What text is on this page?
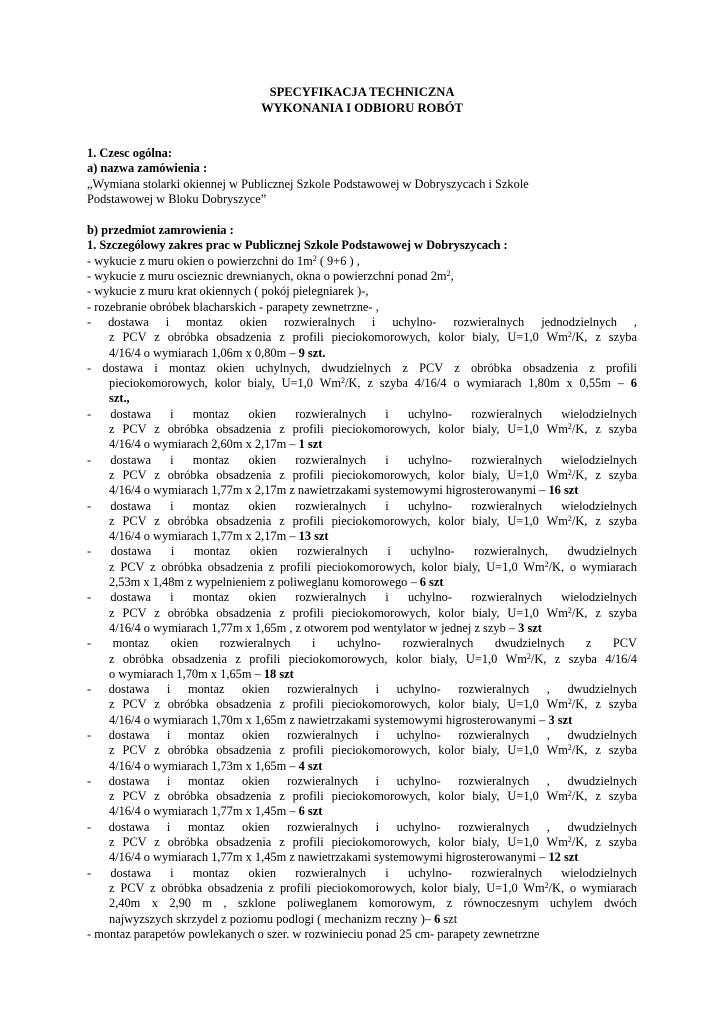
SPECYFIKACJA TECHNICZNA
WYKONANIA I ODBIORU ROBÓT
1. Czesc ogólna:
a) nazwa zamówienia :
„Wymiana stolarki okiennej w Publicznej Szkole Podstawowej w Dobryszycach i Szkole
Podstawowej w Bloku Dobryszyce”
b) przedmiot zamrowienia :
1. Szczególowy zakres prac w Publicznej Szkole Podstawowej w Dobryszycach :
- wykucie z muru okien o powierzchni do $1m^2$ ( 9+6 ) ,
- wykucie z muru oscieznic drewnianych, okna o powierzchni ponad $2m^2$,
- wykucie z muru krat okiennych ( pokój pielegniarek )-,
- rozebranie obróbek blacharskich - parapety zewnetrzne- ,
- dostawa i montaz okien rozwieralnych i uchylno- rozwieralnych jednodzielnych ,
z PCV z obróbka obsadzenia z profili pieciokomorowych, kolor bialy, U=1,0 Wm$^2$/K, z szyba
4/16/4 o wymiarach 1,06m x 0,80m – 9 szt.
- dostawa i montaz okien uchylnych, dwudzielnych z PCV z obróbka obsadzenia z profili
pieciokomorowych, kolor bialy, U=1,0 Wm$^2$/K, z szyba 4/16/4 o wymiarach 1,80m x 0,55m – 6
szt.,
- dostawa i montaz okien rozwieralnych i uchylno- rozwieralnych wielodzielnych
z PCV z obróbka obsadzenia z profili pieciokomorowych, kolor bialy, U=1,0 Wm$^2$/K, z szyba
4/16/4 o wymiarach 2,60m x 2,17m – 1 szt
- dostawa i montaz okien rozwieralnych i uchylno- rozwieralnych wielodzielnych
z PCV z obróbka obsadzenia z profili pieciokomorowych, kolor bialy, U=1,0 Wm$^2$/K, z szyba
4/16/4 o wymiarach 1,77m x 2,17m z nawietrzakami systemowymi higrosterowanymi – 16 szt
- dostawa i montaz okien rozwieralnych i uchylno- rozwieralnych wielodzielnych
z PCV z obróbka obsadzenia z profili pieciokomorowych, kolor bialy, U=1,0 Wm$^2$/K, z szyba
4/16/4 o wymiarach 1,77m x 2,17m – 13 szt
- dostawa i montaz okien rozwieralnych i uchylno- rozwieralnych, dwudzielnych
z PCV z obróbka obsadzenia z profili pieciokomorowych, kolor bialy, U=1,0 Wm$^2$/K, o wymiarach
2,53m x 1,48m z wypelnieniem z poliweglanu komorowego – 6 szt
- dostawa i montaz okien rozwieralnych i uchylno- rozwieralnych wielodzielnych
z PCV z obróbka obsadzenia z profili pieciokomorowych, kolor bialy, U=1,0 Wm$^2$/K, z szyba
4/16/4 o wymiarach 1,77m x 1,65m , z otworem pod wentylator w jednej z szyb – 3 szt
- montaz okien rozwieralnych i uchylno- rozwieralnych dwudzielnych z PCV
z obróbka obsadzenia z profili pieciokomorowych, kolor bialy, U=1,0 Wm$^2$/K, z szyba 4/16/4
o wymiarach 1,70m x 1,65m – 18 szt
- dostawa i montaz okien rozwieralnych i uchylno- rozwieralnych , dwudzielnych
z PCV z obróbka obsadzenia z profili pieciokomorowych, kolor bialy, U=1,0 Wm$^2$/K, z szyba
4/16/4 o wymiarach 1,70m x 1,65m z nawietrzakami systemowymi higrosterowanymi – 3 szt
- dostawa i montaz okien rozwieralnych i uchylno- rozwieralnych , dwudzielnych
z PCV z obróbka obsadzenia z profili pieciokomorowych, kolor bialy, U=1,0 Wm$^2$/K, z szyba
4/16/4 o wymiarach 1,73m x 1,65m – 4 szt
- dostawa i montaz okien rozwieralnych i uchylno- rozwieralnych , dwudzielnych
z PCV z obróbka obsadzenia z profili pieciokomorowych, kolor bialy, U=1,0 Wm$^2$/K, z szyba
4/16/4 o wymiarach 1,77m x 1,45m – 6 szt
- dostawa i montaz okien rozwieralnych i uchylno- rozwieralnych , dwudzielnych
z PCV z obróbka obsadzenia z profili pieciokomorowych, kolor bialy, U=1,0 Wm$^2$/K, z szyba
4/16/4 o wymiarach 1,77m x 1,45m z nawietrzakami systemowymi higrosterowanymi – 12 szt
- dostawa i montaz okien rozwieralnych i uchylno- rozwieralnych wielodzielnych
z PCV z obróbka obsadzenia z profili pieciokomorowych, kolor bialy, U=1,0 Wm$^2$/K, o wymiarach
2,40m x 2,90 m , szklone poliweglanem komorowym, z równoczesnym uchylem dwóch
najwyzszych skrzydel z poziomu podlogi ( mechanizm reczny )– 6 szt
- montaz parapetów powlekanych o szer. w rozwinieciu ponad 25 cm- parapety zewnetrzne
